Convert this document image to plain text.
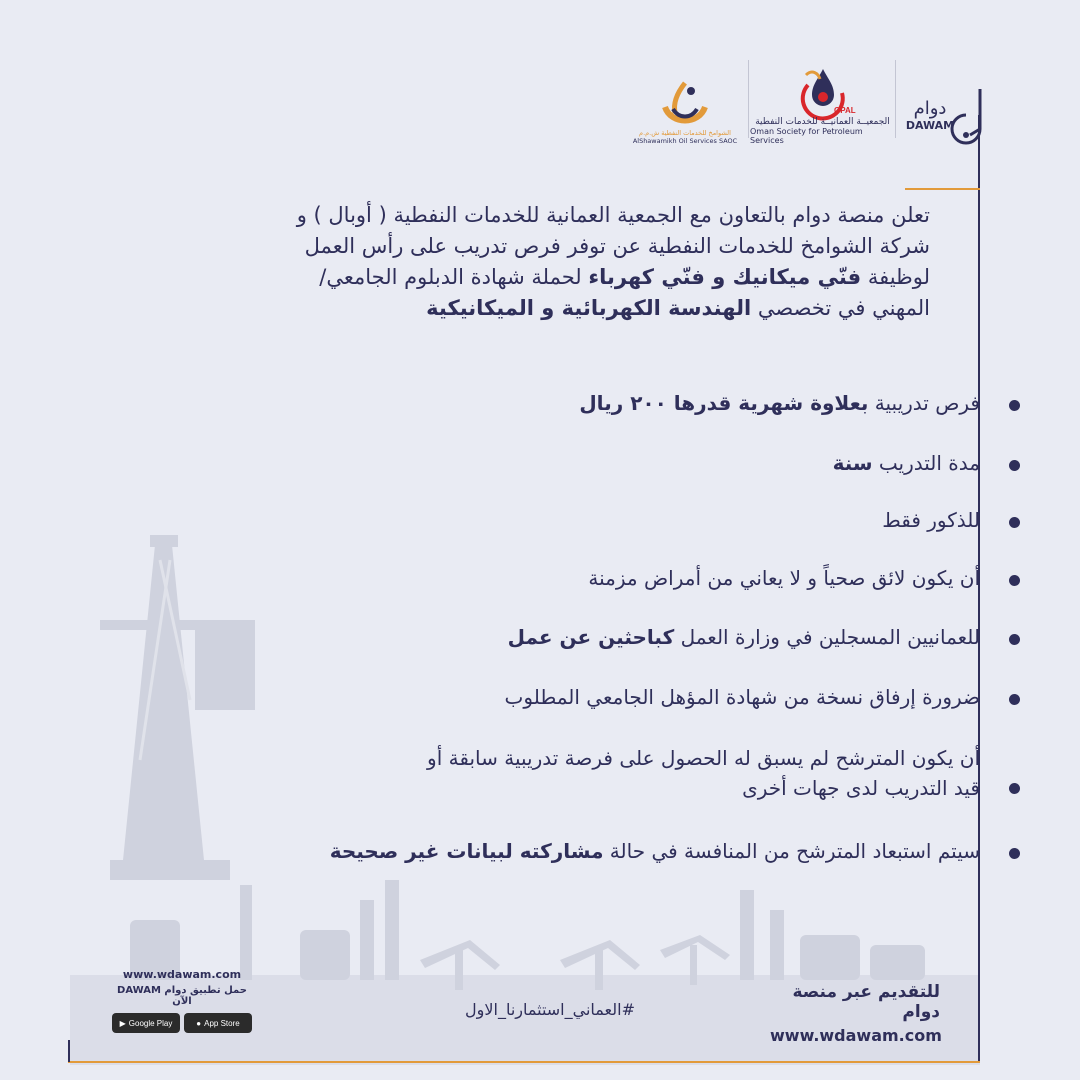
دوام
DAWAM
OPAL
الجمعيــة العمانيــة للخدمات النفطية
Oman Society for Petroleum Services
الشوامخ للخدمات النفطية ش.م.م
AlShawamikh Oil Services SAOC
تعلن منصة دوام بالتعاون مع الجمعية العمانية للخدمات النفطية ( أوبال ) و
شركة الشوامخ للخدمات النفطية عن توفر فرص تدريب على رأس العمل
لوظيفة فنّي ميكانيك و فنّي كهرباء لحملة شهادة الدبلوم الجامعي/
المهني في تخصصي الهندسة الكهربائية و الميكانيكية
فرص تدريبية بعلاوة شهرية قدرها ٢٠٠ ريال
مدة التدريب سنة
للذكور فقط
أن يكون لائق صحياً و لا يعاني من أمراض مزمنة
للعمانيين المسجلين في وزارة العمل كباحثين عن عمل
ضرورة إرفاق نسخة من شهادة المؤهل الجامعي المطلوب
أن يكون المترشح لم يسبق له الحصول على فرصة تدريبية سابقة أو قيد التدريب لدى جهات أخرى
سيتم استبعاد المترشح من المنافسة في حالة مشاركته لبيانات غير صحيحة
للتقديم عبر منصة دوام
www.wdawam.com
#العماني_استثمارنا_الاول
www.wdawam.com
حمل تطبيق دوام DAWAM الآن
▶ Google Play	● App Store
